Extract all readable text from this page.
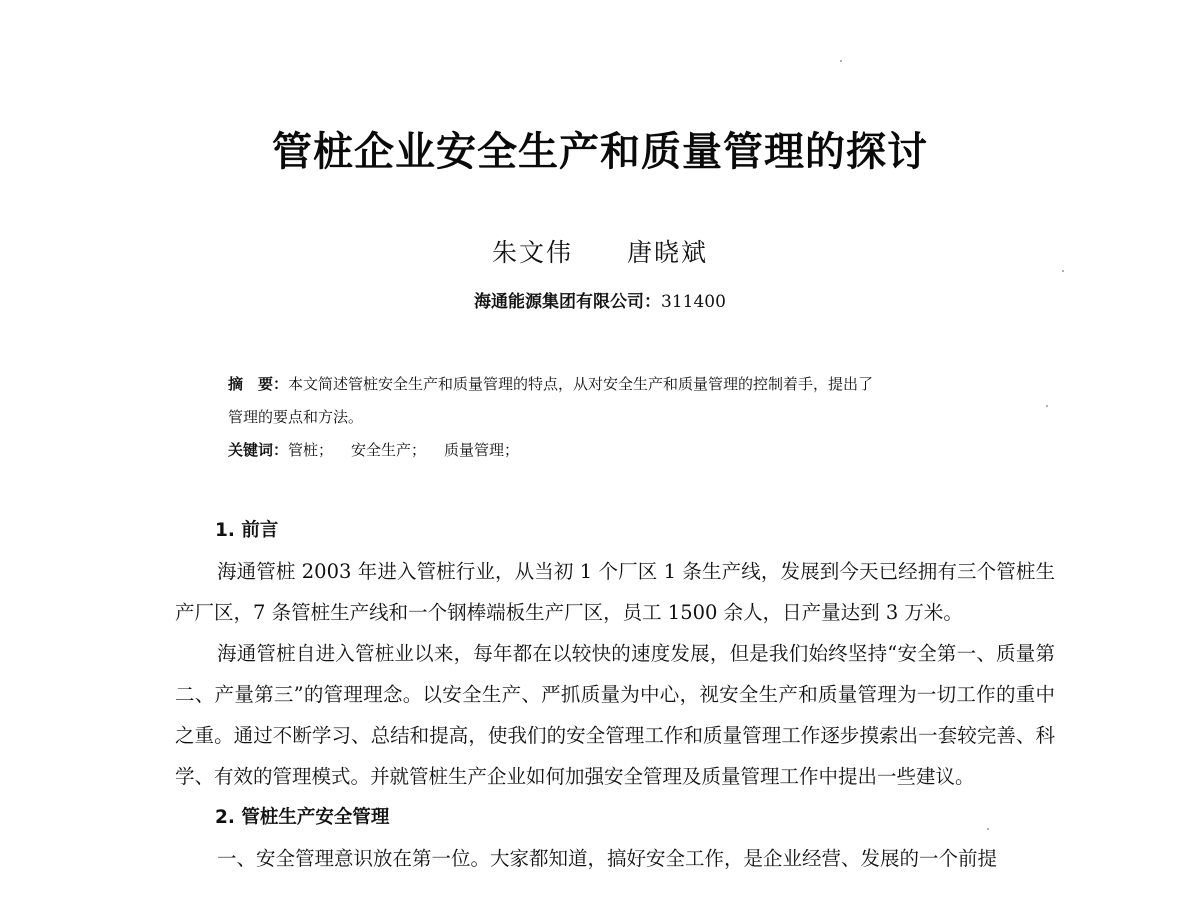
管桩企业安全生产和质量管理的探讨
朱文伟 唐晓斌
海通能源集团有限公司：311400
摘　要：本文简述管桩安全生产和质量管理的特点，从对安全生产和质量管理的控制着手，提出了
管理的要点和方法。
关键词：管桩； 安全生产； 质量管理；
1. 前言

海通管桩 2003 年进入管桩行业，从当初 1 个厂区 1 条生产线，发展到今天已经拥有三个管桩生产厂区，7 条管桩生产线和一个钢棒端板生产厂区，员工 1500 余人，日产量达到 3 万米。

海通管桩自进入管桩业以来，每年都在以较快的速度发展，但是我们始终坚持“安全第一、质量第二、产量第三”的管理理念。以安全生产、严抓质量为中心，视安全生产和质量管理为一切工作的重中之重。通过不断学习、总结和提高，使我们的安全管理工作和质量管理工作逐步摸索出一套较完善、科学、有效的管理模式。并就管桩生产企业如何加强安全管理及质量管理工作中提出一些建议。

2. 管桩生产安全管理

一、安全管理意识放在第一位。大家都知道，搞好安全工作，是企业经营、发展的一个前提
